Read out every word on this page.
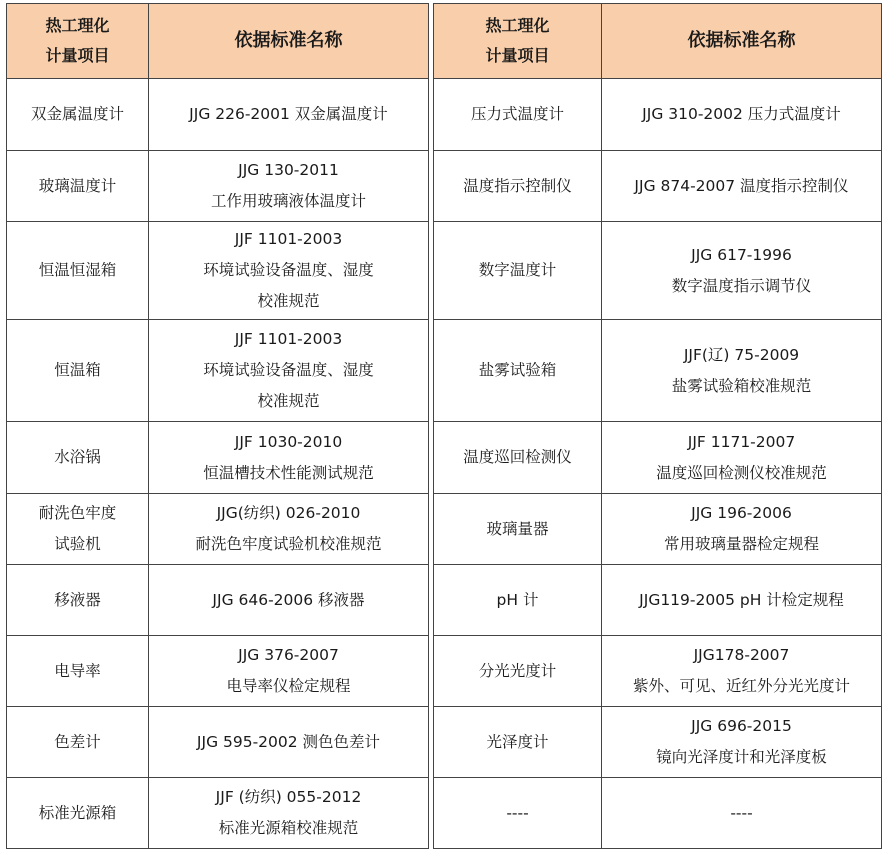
热工理化
计量项目	依据标准名称

双金属温度计	JJG 226-2001 双金属温度计

玻璃温度计	JJG 130-2011
工作用玻璃液体温度计

恒温恒湿箱	JJF 1101-2003
环境试验设备温度、湿度
校准规范

恒温箱	JJF 1101-2003
环境试验设备温度、湿度
校准规范

水浴锅	JJF 1030-2010
恒温槽技术性能测试规范

耐洗色牢度
试验机	JJG(纺织) 026-2010
耐洗色牢度试验机校准规范

移液器	JJG 646-2006 移液器

电导率	JJG 376-2007
电导率仪检定规程

色差计	JJG 595-2002 测色色差计

标准光源箱	JJF (纺织) 055-2012
标准光源箱校准规范
热工理化
计量项目	依据标准名称

压力式温度计	JJG 310-2002 压力式温度计

温度指示控制仪	JJG 874-2007 温度指示控制仪

数字温度计	JJG 617-1996
数字温度指示调节仪

盐雾试验箱	JJF(辽) 75-2009
盐雾试验箱校准规范

温度巡回检测仪	JJF 1171-2007
温度巡回检测仪校准规范

玻璃量器	JJG 196-2006
常用玻璃量器检定规程

pH 计	JJG119-2005 pH 计检定规程

分光光度计	JJG178-2007
紫外、可见、近红外分光光度计

光泽度计	JJG 696-2015
镜向光泽度计和光泽度板

----	----
